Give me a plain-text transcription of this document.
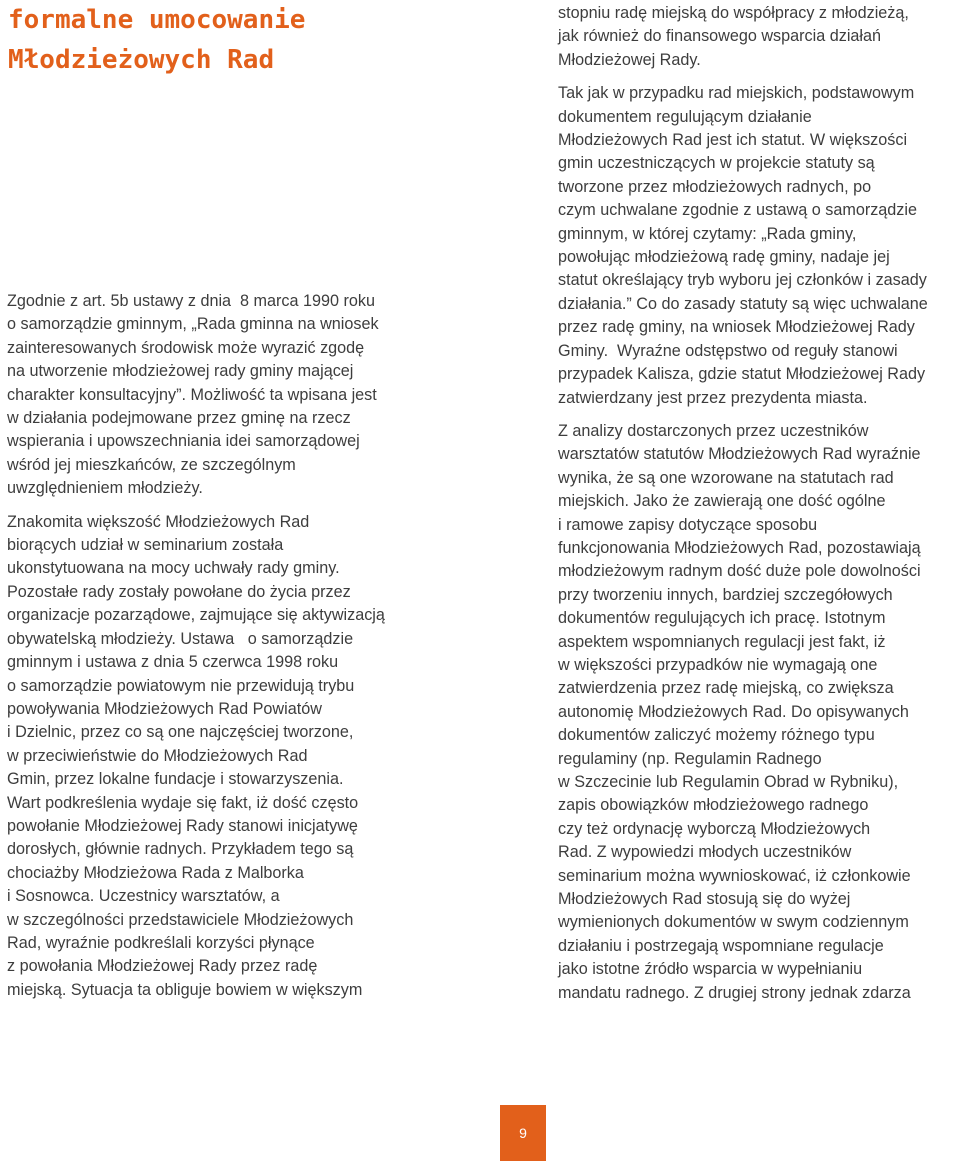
formalne umocowanie
Młodzieżowych Rad

Zgodnie z art. 5b ustawy z dnia  8 marca 1990 roku
o samorządzie gminnym, „Rada gminna na wniosek
zainteresowanych środowisk może wyrazić zgodę
na utworzenie młodzieżowej rady gminy mającej
charakter konsultacyjny”. Możliwość ta wpisana jest
w działania podejmowane przez gminę na rzecz
wspierania i upowszechniania idei samorządowej
wśród jej mieszkańców, ze szczególnym
uwzględnieniem młodzieży.

Znakomita większość Młodzieżowych Rad
biorących udział w seminarium została
ukonstytuowana na mocy uchwały rady gminy.
Pozostałe rady zostały powołane do życia przez
organizacje pozarządowe, zajmujące się aktywizacją
obywatelską młodzieży. Ustawa   o samorządzie
gminnym i ustawa z dnia 5 czerwca 1998 roku
o samorządzie powiatowym nie przewidują trybu
powoływania Młodzieżowych Rad Powiatów
i Dzielnic, przez co są one najczęściej tworzone,
w przeciwieństwie do Młodzieżowych Rad
Gmin, przez lokalne fundacje i stowarzyszenia.
Wart podkreślenia wydaje się fakt, iż dość często
powołanie Młodzieżowej Rady stanowi inicjatywę
dorosłych, głównie radnych. Przykładem tego są
chociażby Młodzieżowa Rada z Malborka
i Sosnowca. Uczestnicy warsztatów, a
w szczególności przedstawiciele Młodzieżowych
Rad, wyraźnie podkreślali korzyści płynące
z powołania Młodzieżowej Rady przez radę
miejską. Sytuacja ta obliguje bowiem w większym

stopniu radę miejską do współpracy z młodzieżą,
jak również do finansowego wsparcia działań
Młodzieżowej Rady.

Tak jak w przypadku rad miejskich, podstawowym
dokumentem regulującym działanie
Młodzieżowych Rad jest ich statut. W większości
gmin uczestniczących w projekcie statuty są
tworzone przez młodzieżowych radnych, po
czym uchwalane zgodnie z ustawą o samorządzie
gminnym, w której czytamy: „Rada gminy,
powołując młodzieżową radę gminy, nadaje jej
statut określający tryb wyboru jej członków i zasady
działania.” Co do zasady statuty są więc uchwalane
przez radę gminy, na wniosek Młodzieżowej Rady
Gminy.  Wyraźne odstępstwo od reguły stanowi
przypadek Kalisza, gdzie statut Młodzieżowej Rady
zatwierdzany jest przez prezydenta miasta.

Z analizy dostarczonych przez uczestników
warsztatów statutów Młodzieżowych Rad wyraźnie
wynika, że są one wzorowane na statutach rad
miejskich. Jako że zawierają one dość ogólne
i ramowe zapisy dotyczące sposobu
funkcjonowania Młodzieżowych Rad, pozostawiają
młodzieżowym radnym dość duże pole dowolności
przy tworzeniu innych, bardziej szczegółowych
dokumentów regulujących ich pracę. Istotnym
aspektem wspomnianych regulacji jest fakt, iż
w większości przypadków nie wymagają one
zatwierdzenia przez radę miejską, co zwiększa
autonomię Młodzieżowych Rad. Do opisywanych
dokumentów zaliczyć możemy różnego typu
regulaminy (np. Regulamin Radnego
w Szczecinie lub Regulamin Obrad w Rybniku),
zapis obowiązków młodzieżowego radnego
czy też ordynację wyborczą Młodzieżowych
Rad. Z wypowiedzi młodych uczestników
seminarium można wywnioskować, iż członkowie
Młodzieżowych Rad stosują się do wyżej
wymienionych dokumentów w swym codziennym
działaniu i postrzegają wspomniane regulacje
jako istotne źródło wsparcia w wypełnianiu
mandatu radnego. Z drugiej strony jednak zdarza

9
